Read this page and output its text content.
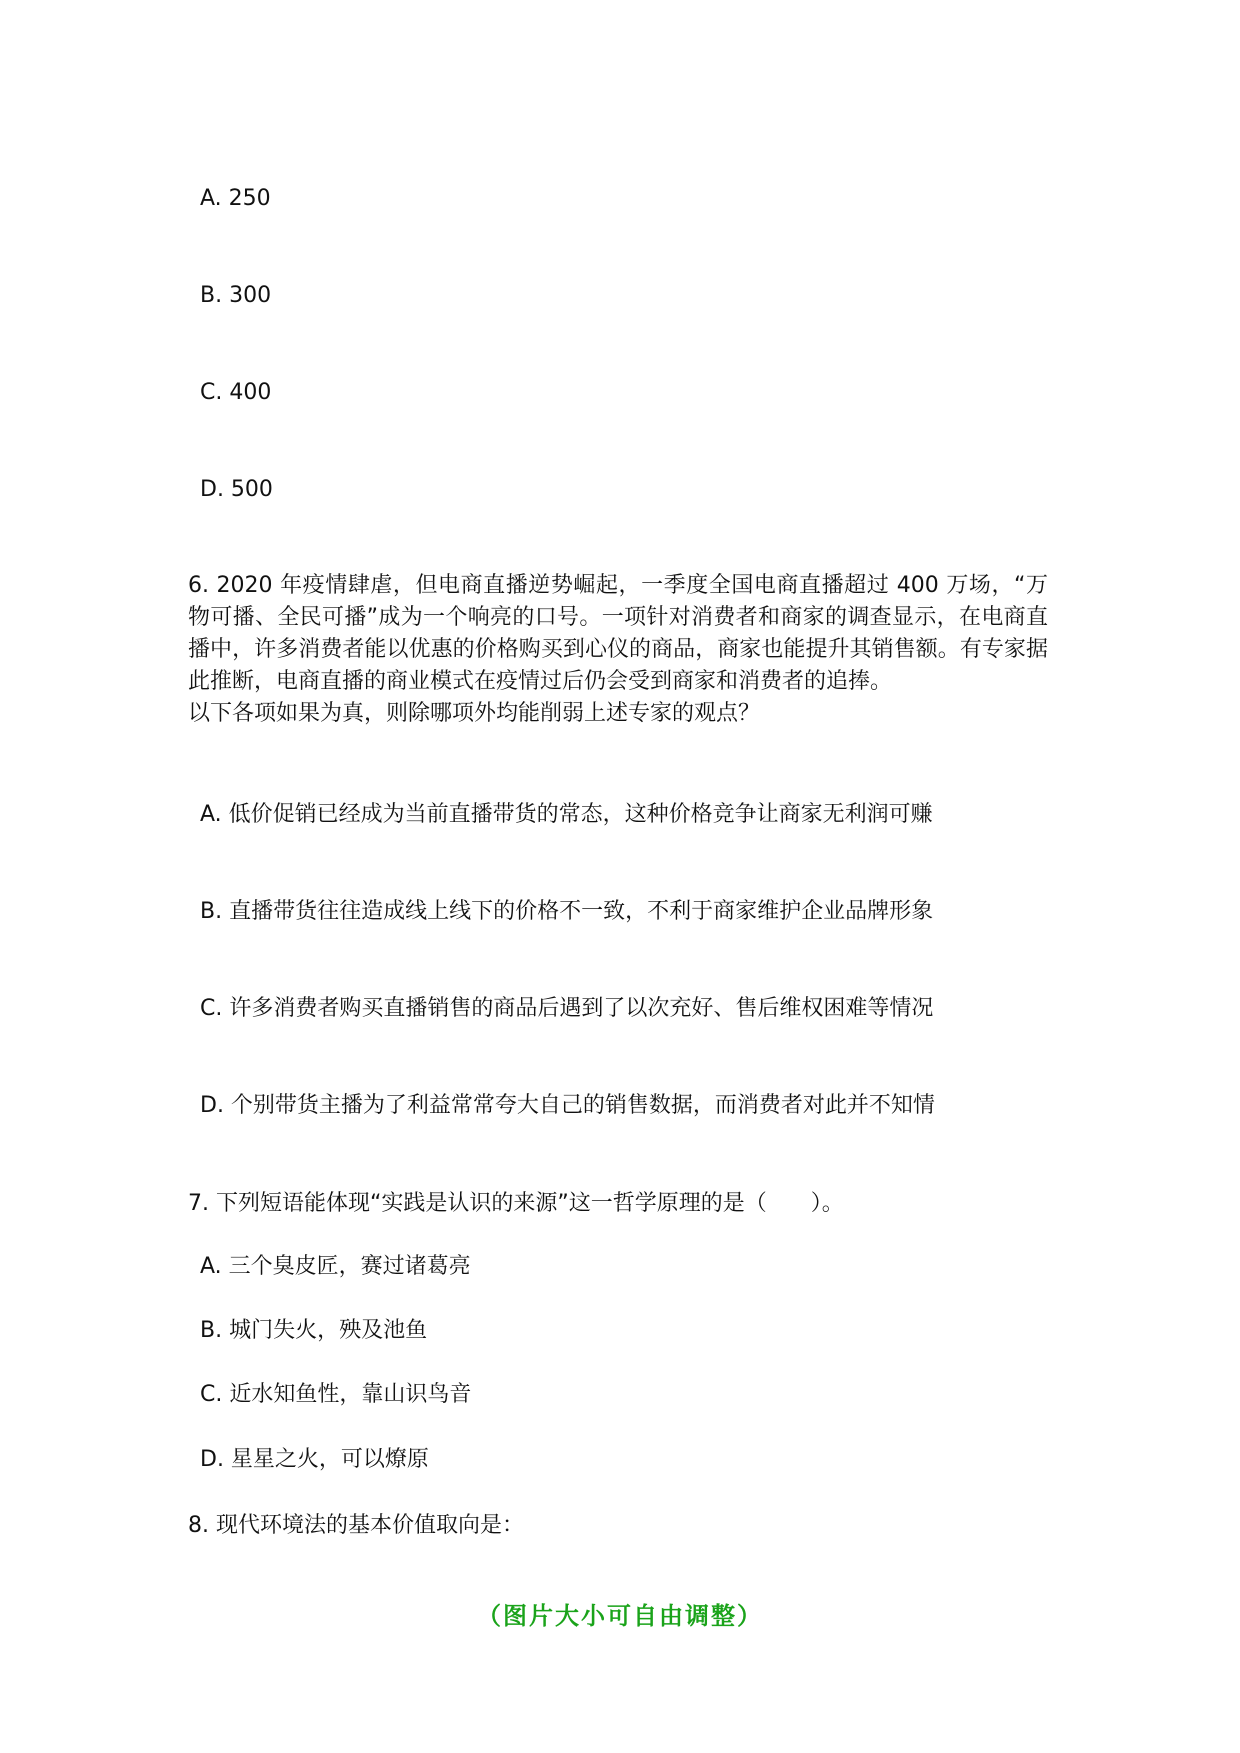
A. 250
B. 300
C. 400
D. 500

6. 2020 年疫情肆虐，但电商直播逆势崛起，一季度全国电商直播超过 400 万场，“万物可播、全民可播”成为一个响亮的口号。一项针对消费者和商家的调查显示，在电商直播中，许多消费者能以优惠的价格购买到心仪的商品，商家也能提升其销售额。有专家据此推断，电商直播的商业模式在疫情过后仍会受到商家和消费者的追捧。

以下各项如果为真，则除哪项外均能削弱上述专家的观点？

A. 低价促销已经成为当前直播带货的常态，这种价格竞争让商家无利润可赚
B. 直播带货往往造成线上线下的价格不一致，不利于商家维护企业品牌形象
C. 许多消费者购买直播销售的商品后遇到了以次充好、售后维权困难等情况
D. 个别带货主播为了利益常常夸大自己的销售数据，而消费者对此并不知情
7. 下列短语能体现“实践是认识的来源”这一哲学原理的是（　　）。
A. 三个臭皮匠，赛过诸葛亮
B. 城门失火，殃及池鱼
C. 近水知鱼性，靠山识鸟音
D. 星星之火，可以燎原
8. 现代环境法的基本价值取向是：
（图片大小可自由调整）
